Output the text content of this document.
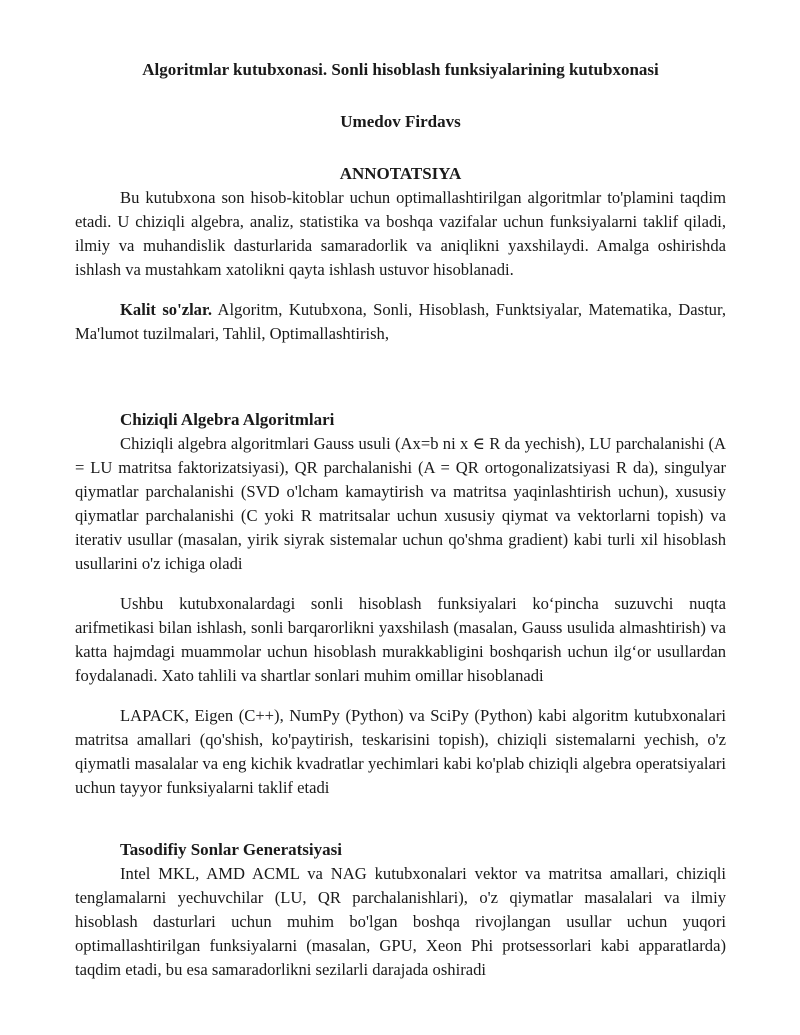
Algoritmlar kutubxonasi. Sonli hisoblash funksiyalarining kutubxonasi

Umedov Firdavs

ANNOTATSIYA

Bu kutubxona son hisob-kitoblar uchun optimallashtirilgan algoritmlar to'plamini taqdim etadi. U chiziqli algebra, analiz, statistika va boshqa vazifalar uchun funksiyalarni taklif qiladi, ilmiy va muhandislik dasturlarida samaradorlik va aniqlikni yaxshilaydi. Amalga oshirishda ishlash va mustahkam xatolikni qayta ishlash ustuvor hisoblanadi.

Kalit so'zlar. Algoritm, Kutubxona, Sonli, Hisoblash, Funktsiyalar, Matematika, Dastur, Ma'lumot tuzilmalari, Tahlil, Optimallashtirish,

Chiziqli Algebra Algoritmlari

Chiziqli algebra algoritmlari Gauss usuli (Ax=b ni x ∈ R da yechish), LU parchalanishi (A = LU matritsa faktorizatsiyasi), QR parchalanishi (A = QR ortogonalizatsiyasi R da), singulyar qiymatlar parchalanishi (SVD o'lcham kamaytirish va matritsa yaqinlashtirish uchun), xususiy qiymatlar parchalanishi (C yoki R matritsalar uchun xususiy qiymat va vektorlarni topish) va iterativ usullar (masalan, yirik siyrak sistemalar uchun qo'shma gradient) kabi turli xil hisoblash usullarini o'z ichiga oladi

Ushbu kutubxonalardagi sonli hisoblash funksiyalari ko‘pincha suzuvchi nuqta arifmetikasi bilan ishlash, sonli barqarorlikni yaxshilash (masalan, Gauss usulida almashtirish) va katta hajmdagi muammolar uchun hisoblash murakkabligini boshqarish uchun ilg‘or usullardan foydalanadi. Xato tahlili va shartlar sonlari muhim omillar hisoblanadi

LAPACK, Eigen (C++), NumPy (Python) va SciPy (Python) kabi algoritm kutubxonalari matritsa amallari (qo'shish, ko'paytirish, teskarisini topish), chiziqli sistemalarni yechish, o'z qiymatli masalalar va eng kichik kvadratlar yechimlari kabi ko'plab chiziqli algebra operatsiyalari uchun tayyor funksiyalarni taklif etadi

Tasodifiy Sonlar Generatsiyasi

Intel MKL, AMD ACML va NAG kutubxonalari vektor va matritsa amallari, chiziqli tenglamalarni yechuvchilar (LU, QR parchalanishlari), o'z qiymatlar masalalari va ilmiy hisoblash dasturlari uchun muhim bo'lgan boshqa rivojlangan usullar uchun yuqori optimallashtirilgan funksiyalarni (masalan, GPU, Xeon Phi protsessorlari kabi apparatlarda) taqdim etadi, bu esa samaradorlikni sezilarli darajada oshiradi
